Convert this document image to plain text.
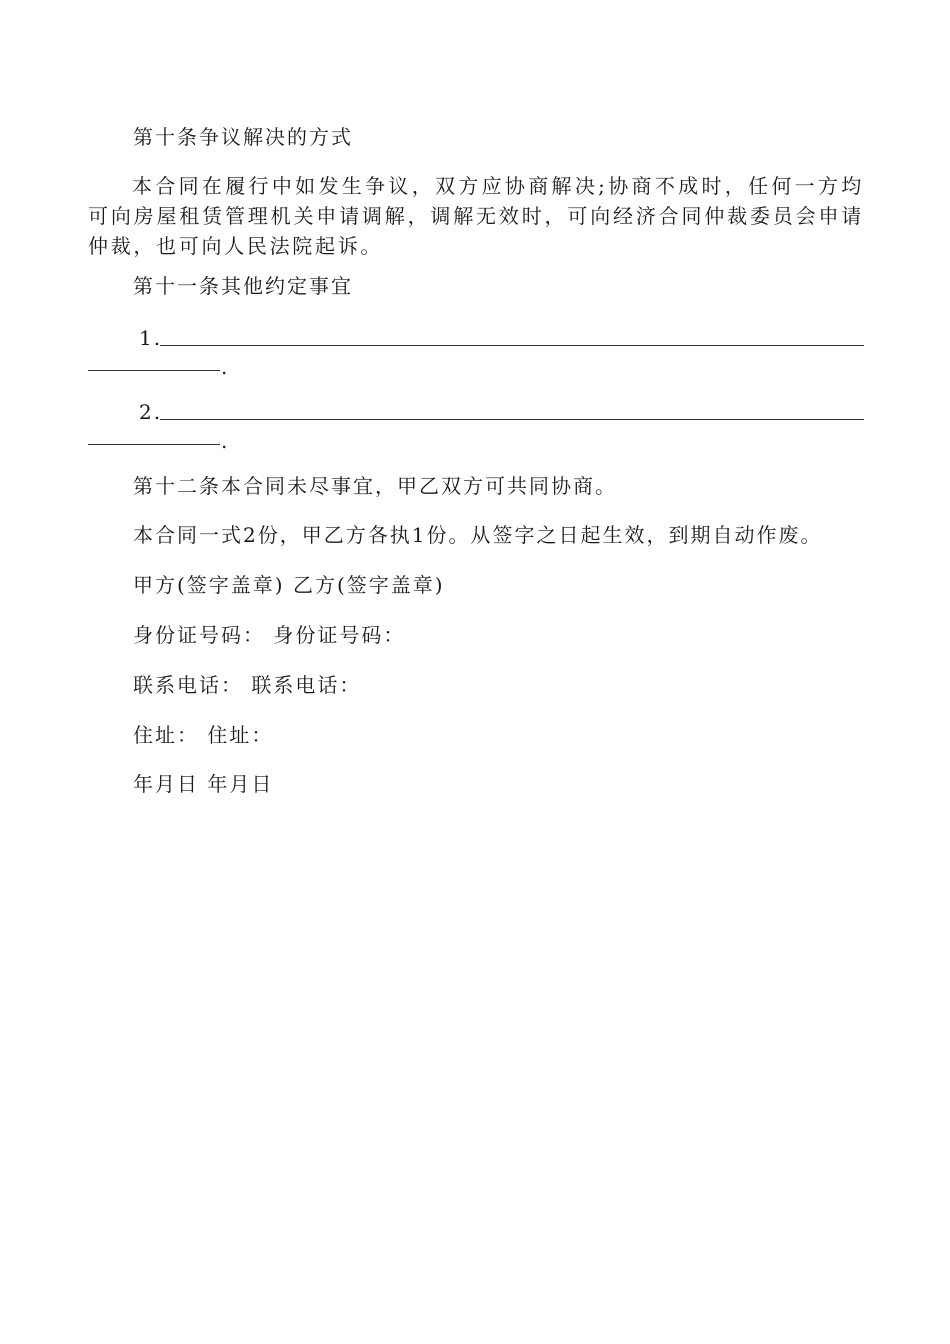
第十条争议解决的方式
本合同在履行中如发生争议，双方应协商解决;协商不成时，任何一方均可向房屋租赁管理机关申请调解，调解无效时，可向经济合同仲裁委员会申请仲裁，也可向人民法院起诉。
第十一条其他约定事宜
1.
.
2.
.
第十二条本合同未尽事宜，甲乙双方可共同协商。
本合同一式2份，甲乙方各执1份。从签字之日起生效，到期自动作废。
甲方(签字盖章) 乙方(签字盖章)
身份证号码： 身份证号码：
联系电话： 联系电话：
住址： 住址：
年月日 年月日
